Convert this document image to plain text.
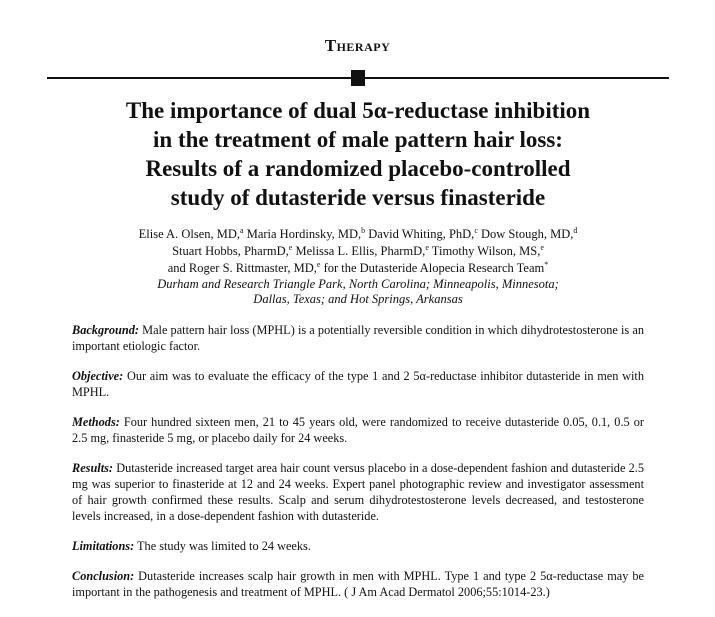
Therapy
The importance of dual 5α-reductase inhibition
in the treatment of male pattern hair loss:
Results of a randomized placebo-controlled
study of dutasteride versus finasteride
Elise A. Olsen, MD,$^a$ Maria Hordinsky, MD,$^b$ David Whiting, PhD,$^c$ Dow Stough, MD,$^d$
Stuart Hobbs, PharmD,$^e$ Melissa L. Ellis, PharmD,$^e$ Timothy Wilson, MS,$^e$
and Roger S. Rittmaster, MD,$^e$ for the Dutasteride Alopecia Research Team*
Durham and Research Triangle Park, North Carolina; Minneapolis, Minnesota;
Dallas, Texas; and Hot Springs, Arkansas

Background: Male pattern hair loss (MPHL) is a potentially reversible condition in which dihydrotestosterone is an important etiologic factor.

Objective: Our aim was to evaluate the efficacy of the type 1 and 2 5α-reductase inhibitor dutasteride in men with MPHL.

Methods: Four hundred sixteen men, 21 to 45 years old, were randomized to receive dutasteride 0.05, 0.1, 0.5 or 2.5 mg, finasteride 5 mg, or placebo daily for 24 weeks.

Results: Dutasteride increased target area hair count versus placebo in a dose-dependent fashion and dutasteride 2.5 mg was superior to finasteride at 12 and 24 weeks. Expert panel photographic review and investigator assessment of hair growth confirmed these results. Scalp and serum dihydrotestosterone levels decreased, and testosterone levels increased, in a dose-dependent fashion with dutasteride.

Limitations: The study was limited to 24 weeks.

Conclusion: Dutasteride increases scalp hair growth in men with MPHL. Type 1 and type 2 5α-reductase may be important in the pathogenesis and treatment of MPHL. ( J Am Acad Dermatol 2006;55:1014-23.)
